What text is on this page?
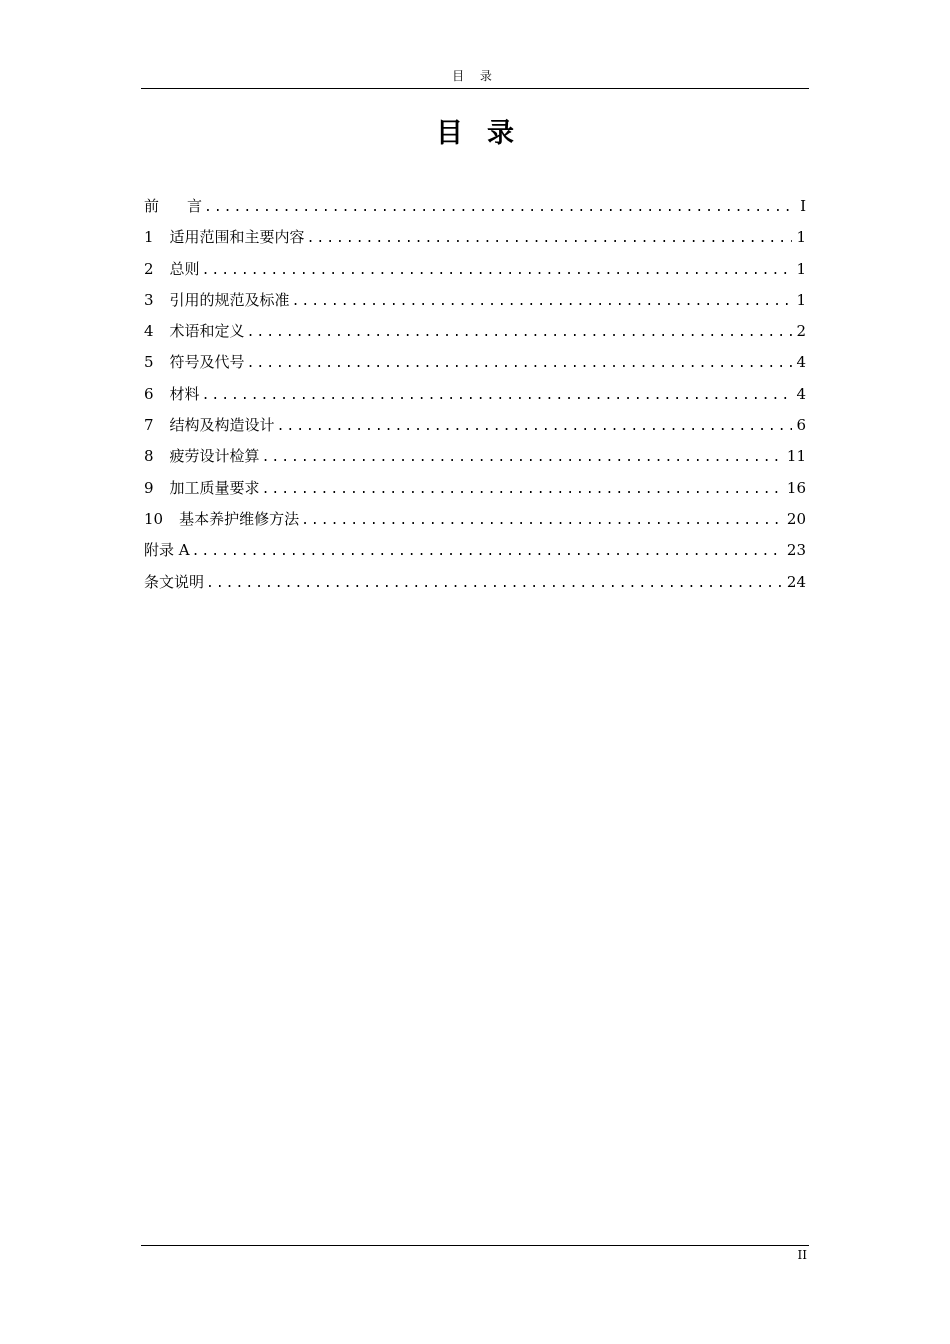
目 录
目录
前言 .....	I
1	适用范围和主要内容 .....	1
2	总则 .....	1
3	引用的规范及标准 .....	1
4	术语和定义 .....	2
5	符号及代号 .....	4
6	材料 .....	4
7	结构及构造设计 .....	6
8	疲劳设计检算 .....	11
9	加工质量要求 .....	16
10	基本养护维修方法 .....	20
附录 A .....	23
条文说明 .....	24
II
